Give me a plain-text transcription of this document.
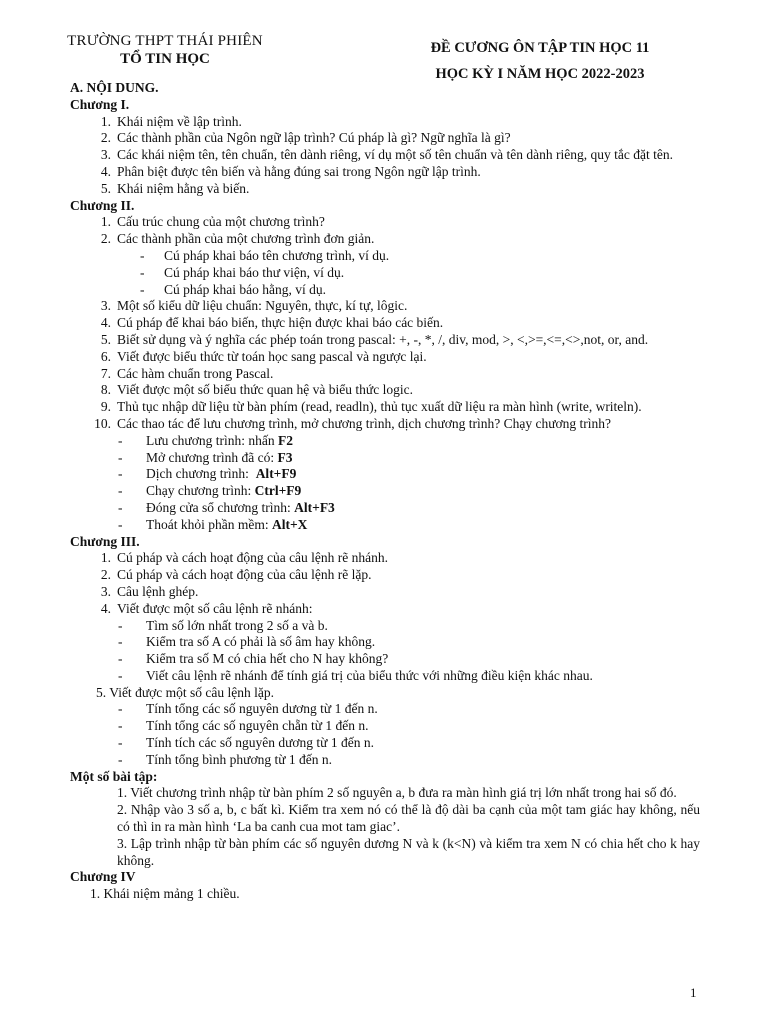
TRƯỜNG THPT THÁI PHIÊN
TỔ TIN HỌC
ĐỀ CƯƠNG ÔN TẬP TIN HỌC 11
HỌC KỲ I NĂM HỌC 2022-2023
A. NỘI DUNG.
Chương I.
1. Khái niệm về lập trình.
2. Các thành phần của Ngôn ngữ lập trình? Cú pháp là gì? Ngữ nghĩa là gì?
3. Các khái niệm tên, tên chuẩn, tên dành riêng, ví dụ một số tên chuẩn và tên dành riêng, quy tắc đặt tên.
4. Phân biệt được tên biến và hằng đúng sai trong Ngôn ngữ lập trình.
5. Khái niệm hằng và biến.
Chương II.
1. Cấu trúc chung của một chương trình?
2. Các thành phần của một chương trình đơn giản.
- Cú pháp khai báo tên chương trình, ví dụ.
- Cú pháp khai báo thư viện, ví dụ.
- Cú pháp khai báo hằng, ví dụ.
3. Một số kiểu dữ liệu chuẩn: Nguyên, thực, kí tự, lôgic.
4. Cú pháp để khai báo biến, thực hiện được khai báo các biến.
5. Biết sử dụng và ý nghĩa các phép toán trong pascal: +, -, *, /, div, mod, >, <,>=,<=,<>,not, or, and.
6. Viết được biểu thức từ toán học sang pascal và ngược lại.
7. Các hàm chuẩn trong Pascal.
8. Viết được một số biểu thức quan hệ và biểu thức logic.
9. Thủ tục nhập dữ liệu từ bàn phím (read, readln), thủ tục xuất dữ liệu ra màn hình (write, writeln).
10. Các thao tác để lưu chương trình, mở chương trình, dịch chương trình? Chạy chương trình?
- Lưu chương trình: nhấn F2
- Mở chương trình đã có: F3
- Dịch chương trình:  Alt+F9
- Chạy chương trình: Ctrl+F9
- Đóng cửa sổ chương trình: Alt+F3
- Thoát khỏi phần mềm: Alt+X
Chương III.
1. Cú pháp và cách hoạt động của câu lệnh rẽ nhánh.
2. Cú pháp và cách hoạt động của câu lệnh rẽ lặp.
3. Câu lệnh ghép.
4. Viết được một số câu lệnh rẽ nhánh:
- Tìm số lớn nhất trong 2 số a và b.
- Kiểm tra số A có phải là số âm hay không.
- Kiểm tra số M có chia hết cho N hay không?
- Viết câu lệnh rẽ nhánh để tính giá trị của biểu thức với những điều kiện khác nhau.
5. Viết được một số câu lệnh lặp.
- Tính tổng các số nguyên dương từ 1 đến n.
- Tính tổng các số nguyên chẵn từ 1 đến n.
- Tính tích các số nguyên dương từ 1 đến n.
- Tính tổng bình phương từ 1 đến n.
Một số bài tập:
1. Viết chương trình nhập từ bàn phím 2 số nguyên a, b đưa ra màn hình giá trị lớn nhất trong hai số đó.
2. Nhập vào 3 số a, b, c bất kì. Kiểm tra xem nó có thể là độ dài ba cạnh của một tam giác hay không, nếu có thì in ra màn hình ‘La ba canh cua mot tam giac’.
3. Lập trình nhập từ bàn phím các số nguyên dương N và k (k<N) và kiểm tra xem N có chia hết cho k hay không.
Chương IV
1. Khái niệm mảng 1 chiều.
1
